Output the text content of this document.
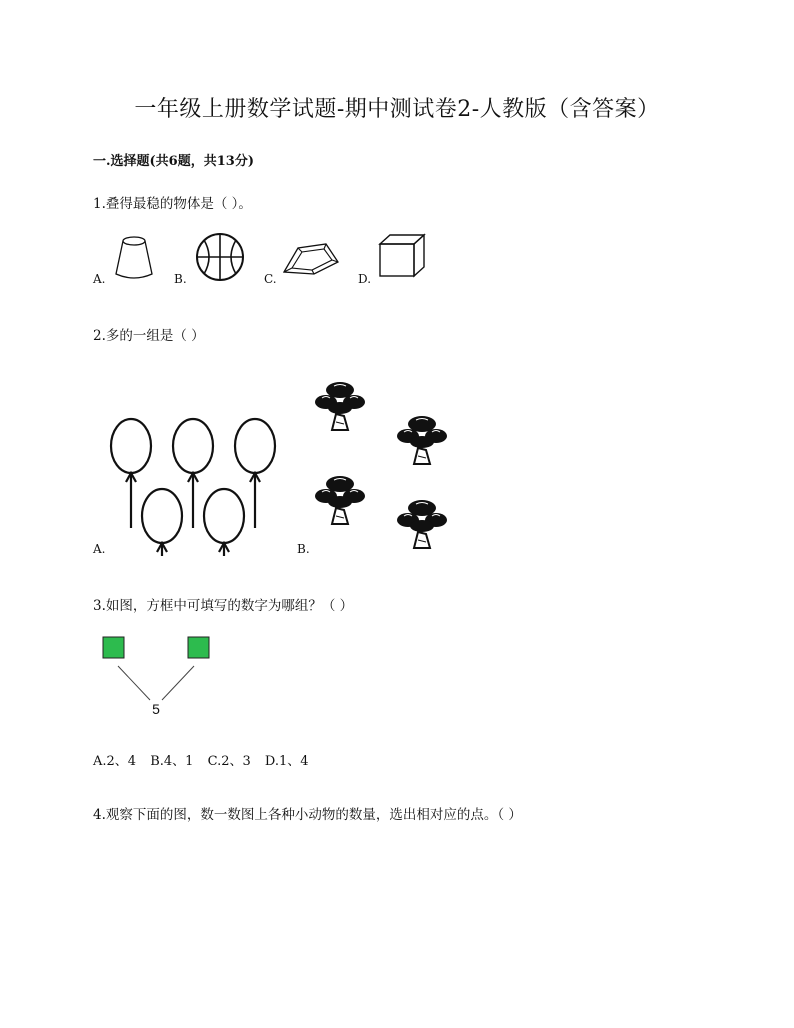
一年级上册数学试题-期中测试卷2-人教版（含答案）
一.选择题(共6题，共13分)
1.叠得最稳的物体是（ ）。
A.	B.	C.	D.
2.多的一组是（ ）
A.	B.
3.如图，方框中可填写的数字为哪组？（ ）
5
A.2、4 B.4、1 C.2、3 D.1、4
4.观察下面的图，数一数图上各种小动物的数量，选出相对应的点。（ ）
